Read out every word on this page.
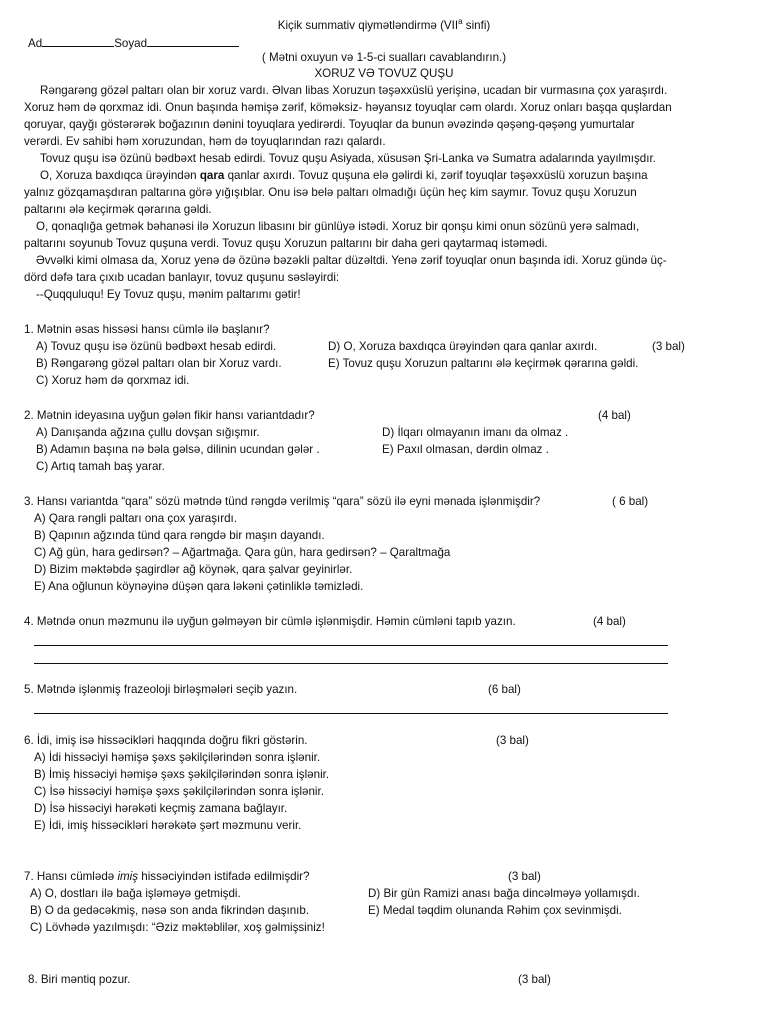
Kiçik summativ qiymətləndirmə (VII$^a$ sinfi)
Ad	Soyad
( Mətni oxuyun və 1-5-ci sualları cavablandırın.)
XORUZ VƏ TOVUZ QUŞU
Rəngarəng gözəl paltarı olan bir xoruz vardı. Əlvan libas Xoruzun təşəxxüslü yerişinə, ucadan bir vurmasına çox yaraşırdı.
Xoruz həm də qorxmaz idi. Onun başında həmişə zərif, köməksiz- həyansız toyuqlar cəm olardı. Xoruz onları başqa quşlardan
qoruyar, qayğı göstərərək boğazının dənini toyuqlara yedirərdi. Toyuqlar da bunun əvəzində qəşəng-qəşəng yumurtalar
verərdi. Ev sahibi həm xoruzundan, həm də toyuqlarından razı qalardı.
Tovuz quşu isə özünü bədbəxt hesab edirdi. Tovuz quşu Asiyada, xüsusən Şri-Lanka və Sumatra adalarında yayılmışdır.
O, Xoruza baxdıqca ürəyindən qara qanlar axırdı. Tovuz quşuna elə gəlirdi ki, zərif toyuqlar təşəxxüslü xoruzun başına
yalnız gözqamaşdıran paltarına görə yığışıblar. Onu isə belə paltarı olmadığı üçün heç kim saymır. Tovuz quşu Xoruzun
paltarını ələ keçirmək qərarına gəldi.
O, qonaqlığa getmək bəhanəsi ilə Xoruzun libasını bir günlüyə istədi. Xoruz bir qonşu kimi onun sözünü yerə salmadı,
paltarını soyunub Tovuz quşuna verdi. Tovuz quşu Xoruzun paltarını bir daha geri qaytarmaq istəmədi.
Əvvəlki kimi olmasa da, Xoruz yenə də özünə bəzəkli paltar düzəltdi. Yenə zərif toyuqlar onun başında idi. Xoruz gündə üç-
dörd dəfə tara çıxıb ucadan banlayır, tovuz quşunu səsləyirdi:
--Quqquluqu! Ey Tovuz quşu, mənim paltarımı gətir!
1. Mətnin əsas hissəsi hansı cümlə ilə başlanır?
A) Tovuz quşu isə özünü bədbəxt hesab edirdi.	D) O, Xoruza baxdıqca ürəyindən qara qanlar axırdı.	(3 bal)
B) Rəngarəng gözəl paltarı olan bir Xoruz vardı.	E) Tovuz quşu Xoruzun paltarını ələ keçirmək qərarına gəldi.
C) Xoruz həm də qorxmaz idi.
2. Mətnin ideyasına uyğun gələn fikir hansı variantdadır?	(4 bal)
A) Danışanda ağzına çullu dovşan sığışmır.	D) İlqarı olmayanın imanı da olmaz .
B) Adamın başına nə bəla gəlsə, dilinin ucundan gələr .	E) Paxıl olmasan, dərdin olmaz .
C) Artıq tamah baş yarar.
3. Hansı variantda “qara” sözü mətndə tünd rəngdə verilmiş “qara” sözü ilə eyni mənada işlənmişdir?	( 6 bal)
A) Qara rəngli paltarı ona çox yaraşırdı.
B) Qapının ağzında tünd qara rəngdə bir maşın dayandı.
C) Ağ gün, hara gedirsən? – Ağartmağa. Qara gün, hara gedirsən? – Qaraltmağa
D) Bizim məktəbdə şagirdlər ağ köynək, qara şalvar geyinirlər.
E) Ana oğlunun köynəyinə düşən qara ləkəni çətinliklə təmizlədi.
4. Mətndə onun məzmunu ilə uyğun gəlməyən bir cümlə işlənmişdir. Həmin cümləni tapıb yazın.	(4 bal)
5. Mətndə işlənmiş frazeoloji birləşmələri seçib yazın.	(6 bal)
6. İdi, imiş isə hissəcikləri haqqında doğru fikri göstərin.	(3 bal)
A) İdi hissəciyi həmişə şəxs şəkilçilərindən sonra işlənir.
B) İmiş hissəciyi həmişə şəxs şəkilçilərindən sonra işlənir.
C) İsə hissəciyi həmişə şəxs şəkilçilərindən sonra işlənir.
D) İsə hissəciyi hərəkəti keçmiş zamana bağlayır.
E) İdi, imiş hissəcikləri hərəkətə şərt məzmunu verir.
7. Hansı cümlədə imiş hissəciyindən istifadə edilmişdir?	(3 bal)
A) O, dostları ilə bağa işləməyə getmişdi.	D) Bir gün Ramizi anası bağa dincəlməyə yollamışdı.
B) O da gedəcəkmiş, nəsə son anda fikrindən daşınıb.	E) Medal təqdim olunanda Rəhim çox sevinmişdi.
C) Lövhədə yazılmışdı: “Əziz məktəblilər, xoş gəlmişsiniz!
8. Biri məntiq pozur.	(3 bal)
